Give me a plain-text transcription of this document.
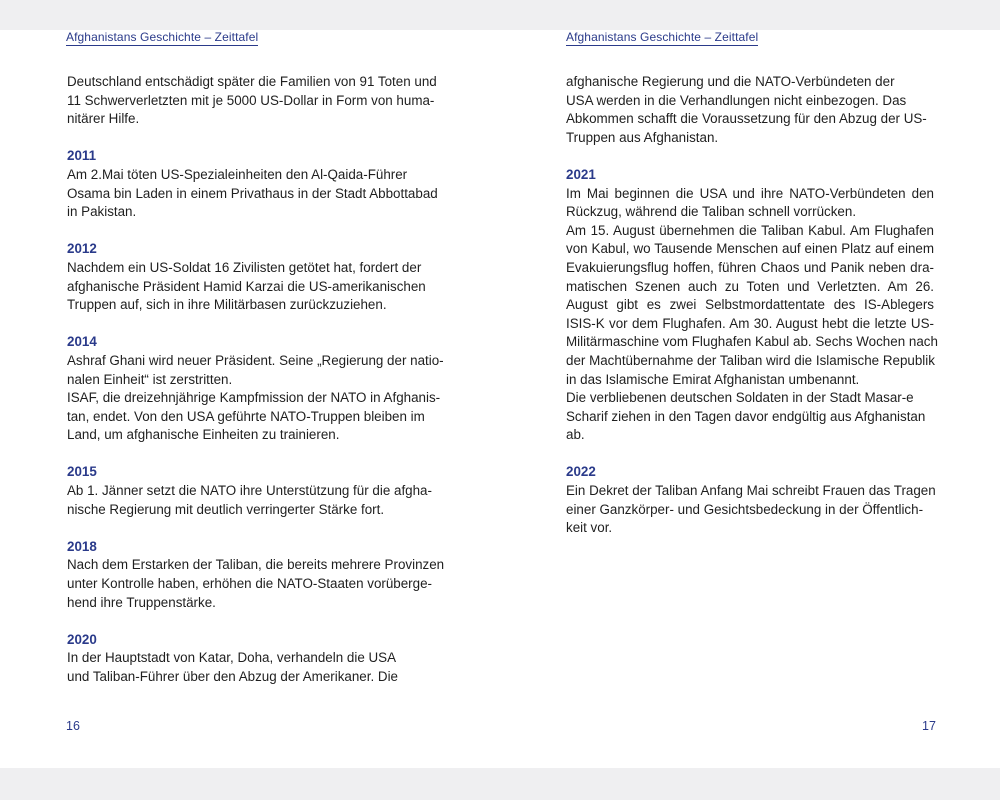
Afghanistans Geschichte – Zeittafel
Deutschland entschädigt später die Familien von 91 Toten und
11 Schwerverletzten mit je 5000 US-Dollar in Form von huma-
nitärer Hilfe.
2011
Am 2.Mai töten US-Spezialeinheiten den Al-Qaida-Führer
Osama bin Laden in einem Privathaus in der Stadt Abbottabad
in Pakistan.
2012
Nachdem ein US-Soldat 16 Zivilisten getötet hat, fordert der
afghanische Präsident Hamid Karzai die US-amerikanischen
Truppen auf, sich in ihre Militärbasen zurückzuziehen.
2014
Ashraf Ghani wird neuer Präsident. Seine „Regierung der natio-
nalen Einheit“ ist zerstritten.
ISAF, die dreizehnjährige Kampfmission der NATO in Afghanis-
tan, endet. Von den USA geführte NATO-Truppen bleiben im
Land, um afghanische Einheiten zu trainieren.
2015
Ab 1. Jänner setzt die NATO ihre Unterstützung für die afgha-
nische Regierung mit deutlich verringerter Stärke fort.
2018
Nach dem Erstarken der Taliban, die bereits mehrere Provinzen
unter Kontrolle haben, erhöhen die NATO-Staaten vorüberge-
hend ihre Truppenstärke.
2020
In der Hauptstadt von Katar, Doha, verhandeln die USA
und Taliban-Führer über den Abzug der Amerikaner. Die
16
Afghanistans Geschichte – Zeittafel
afghanische Regierung und die NATO-Verbündeten der
USA werden in die Verhandlungen nicht einbezogen. Das
Abkommen schafft die Voraussetzung für den Abzug der US-
Truppen aus Afghanistan.
2021
Im Mai beginnen die USA und ihre NATO-Verbündeten den
Rückzug, während die Taliban schnell vorrücken.
Am 15. August übernehmen die Taliban Kabul. Am Flughafen
von Kabul, wo Tausende Menschen auf einen Platz auf einem
Evakuierungsflug hoffen, führen Chaos und Panik neben dra-
matischen Szenen auch zu Toten und Verletzten. Am 26.
August gibt es zwei Selbstmordattentate des IS-Ablegers
ISIS-K vor dem Flughafen. Am 30. August hebt die letzte US-
Militärmaschine vom Flughafen Kabul ab. Sechs Wochen nach
der Machtübernahme der Taliban wird die Islamische Republik
in das Islamische Emirat Afghanistan umbenannt.
Die verbliebenen deutschen Soldaten in der Stadt Masar-e
Scharif ziehen in den Tagen davor endgültig aus Afghanistan
ab.
2022
Ein Dekret der Taliban Anfang Mai schreibt Frauen das Tragen
einer Ganzkörper- und Gesichtsbedeckung in der Öffentlich-
keit vor.
17
